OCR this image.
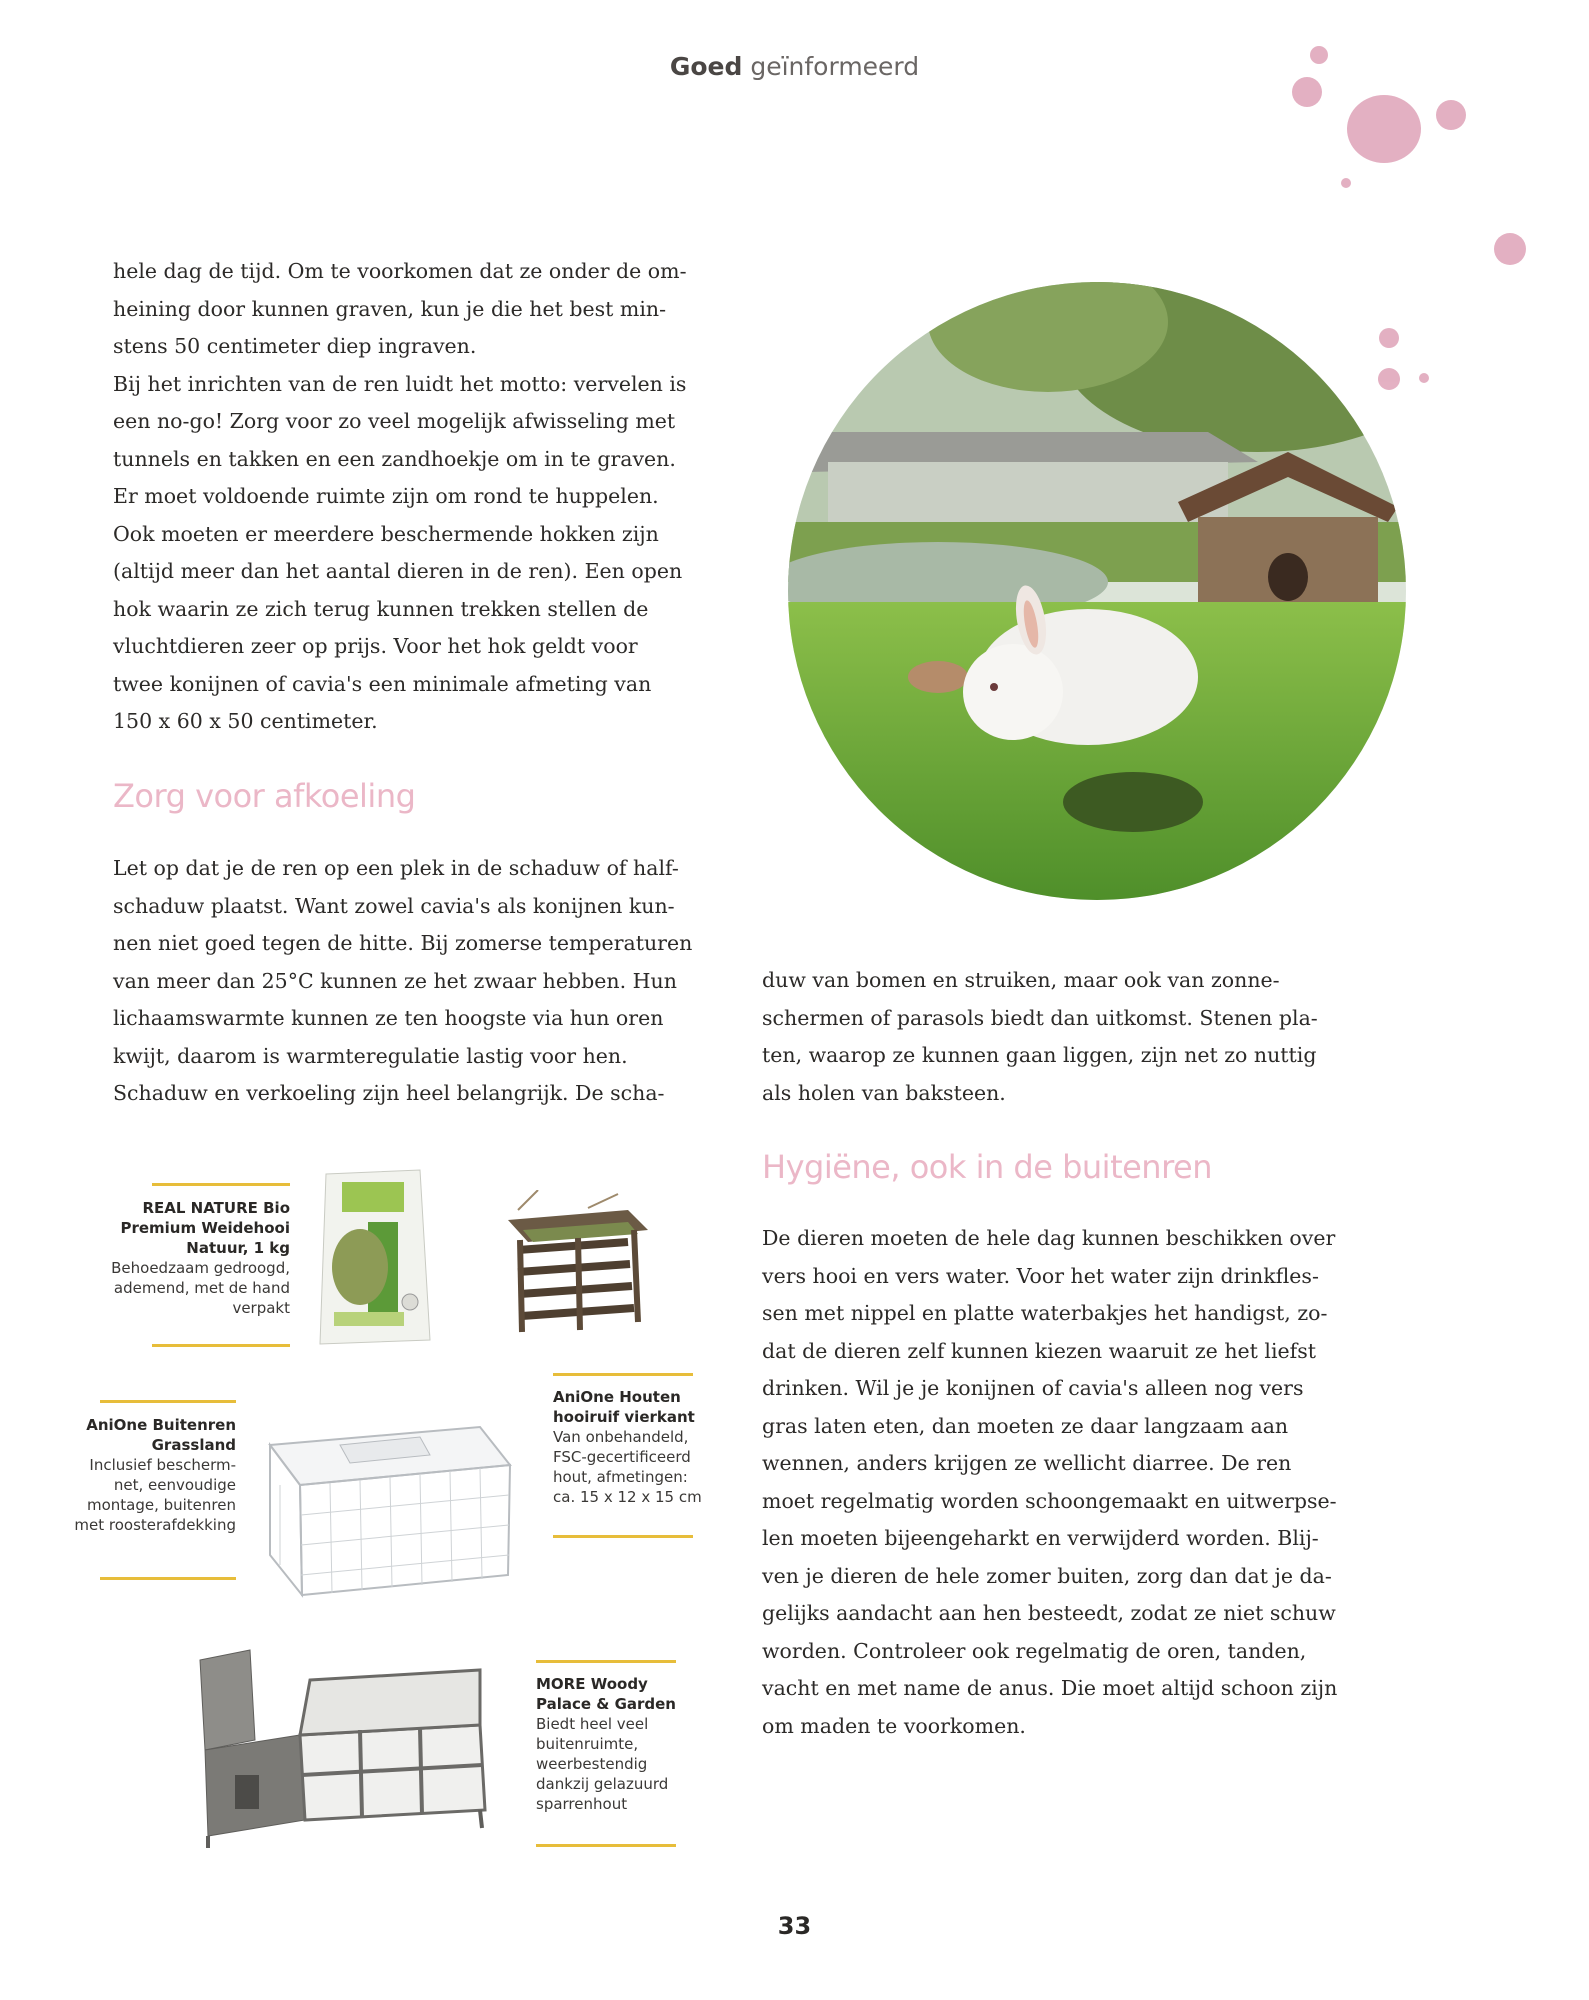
Goed geïnformeerd

hele dag de tijd. Om te voorkomen dat ze onder de om-

heining door kunnen graven, kun je die het best min-

stens 50 centimeter diep ingraven.

Bij het inrichten van de ren luidt het motto: vervelen is

een no-go! Zorg voor zo veel mogelijk afwisseling met

tunnels en takken en een zandhoekje om in te graven.

Er moet voldoende ruimte zijn om rond te huppelen.

Ook moeten er meerdere beschermende hokken zijn

(altijd meer dan het aantal dieren in de ren). Een open

hok waarin ze zich terug kunnen trekken stellen de

vluchtdieren zeer op prijs. Voor het hok geldt voor

twee konijnen of cavia's een minimale afmeting van

150 x 60 x 50 centimeter.

Zorg voor afkoeling

Let op dat je de ren op een plek in de schaduw of half-

schaduw plaatst. Want zowel cavia's als konijnen kun-

nen niet goed tegen de hitte. Bij zomerse temperaturen

van meer dan 25°C kunnen ze het zwaar hebben. Hun

lichaamswarmte kunnen ze ten hoogste via hun oren

kwijt, daarom is warmteregulatie lastig voor hen.

Schaduw en verkoeling zijn heel belangrijk. De scha-

duw van bomen en struiken, maar ook van zonne-

schermen of parasols biedt dan uitkomst. Stenen pla-

ten, waarop ze kunnen gaan liggen, zijn net zo nuttig

als holen van baksteen.

Hygiëne, ook in de buitenren

De dieren moeten de hele dag kunnen beschikken over

vers hooi en vers water. Voor het water zijn drinkfles-

sen met nippel en platte waterbakjes het handigst, zo-

dat de dieren zelf kunnen kiezen waaruit ze het liefst

drinken. Wil je je konijnen of cavia's alleen nog vers

gras laten eten, dan moeten ze daar langzaam aan

wennen, anders krijgen ze wellicht diarree. De ren

moet regelmatig worden schoongemaakt en uitwerpse-

len moeten bijeengeharkt en verwijderd worden. Blij-

ven je dieren de hele zomer buiten, zorg dan dat je da-

gelijks aandacht aan hen besteedt, zodat ze niet schuw

worden. Controleer ook regelmatig de oren, tanden,

vacht en met name de anus. Die moet altijd schoon zijn

om maden te voorkomen.

REAL NATURE Bio
Premium Weidehooi
Natuur, 1 kg
Behoedzaam gedroogd,
ademend, met de hand
verpakt
AniOne Houten
hooiruif vierkant
Van onbehandeld,
FSC-gecertificeerd
hout, afmetingen:
ca. 15 x 12 x 15 cm
AniOne Buitenren
Grassland
Inclusief bescherm-
net, eenvoudige
montage, buitenren
met roosterafdekking
MORE Woody
Palace & Garden
Biedt heel veel
buitenruimte,
weerbestendig
dankzij gelazuurd
sparrenhout
33
